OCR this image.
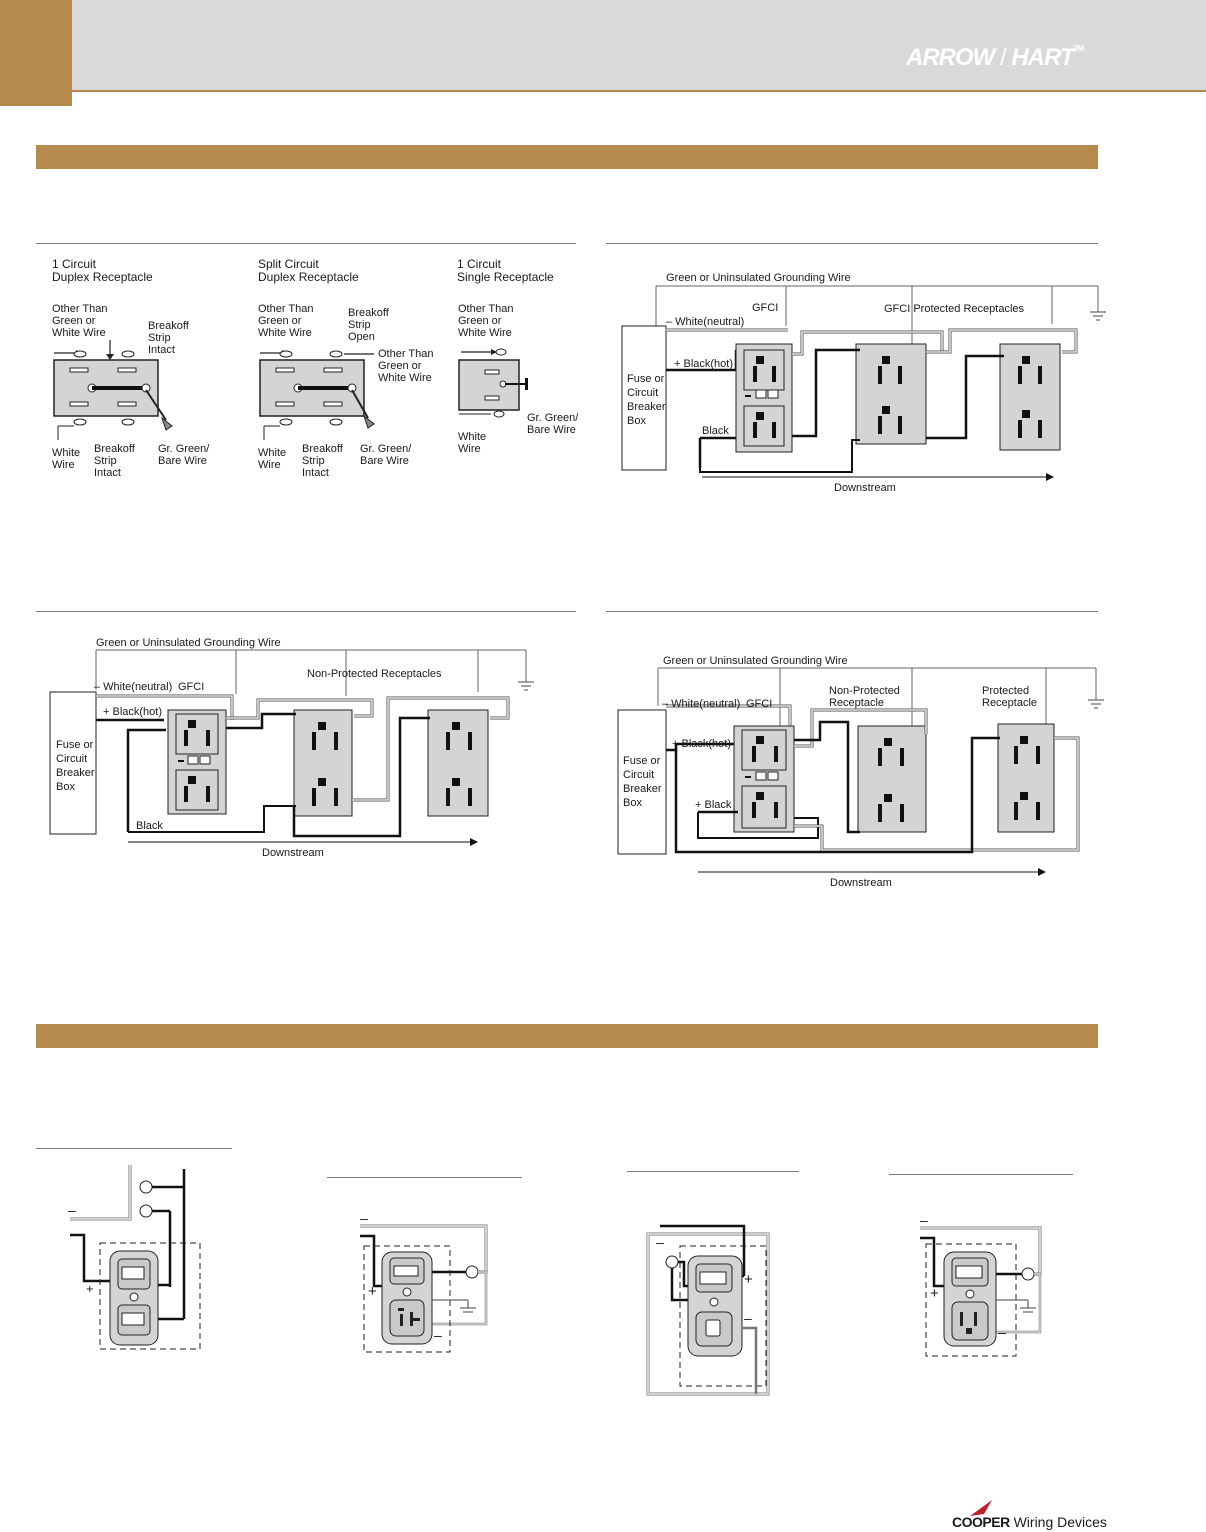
ARROW / HART™
1 Circuit
Duplex Receptacle
Other Than
Green or
White Wire
Breakoff
Strip
Intact
White
Wire
Breakoff
Strip
Intact
Gr. Green/
Bare Wire
Split Circuit
Duplex Receptacle
Other Than
Green or
White Wire
Breakoff
Strip
Open
Other Than
Green or
White Wire
White
Wire
Breakoff
Strip
Intact
Gr. Green/
Bare Wire
1 Circuit
Single Receptacle
Other Than
Green or
White Wire
Gr. Green/
Bare Wire
White
Wire
Green or Uninsulated Grounding Wire
GFCI	GFCI Protected Receptacles
– White(neutral)
+ Black(hot)
Fuse or
Circuit
Breaker
Box
Black
Downstream
Green or Uninsulated Grounding Wire
Non-Protected Receptacles
– White(neutral) GFCI
+ Black(hot)
Fuse or
Circuit
Breaker
Box
Black
Downstream
Green or Uninsulated Grounding Wire
Non-Protected
Receptacle
Protected
Receptacle
– White(neutral) GFCI
+ Black(hot)
Fuse or
Circuit
Breaker
Box	+ Black
Downstream
–
+
–
+
–
–
+
–
–
+
–
COOPER Wiring Devices
